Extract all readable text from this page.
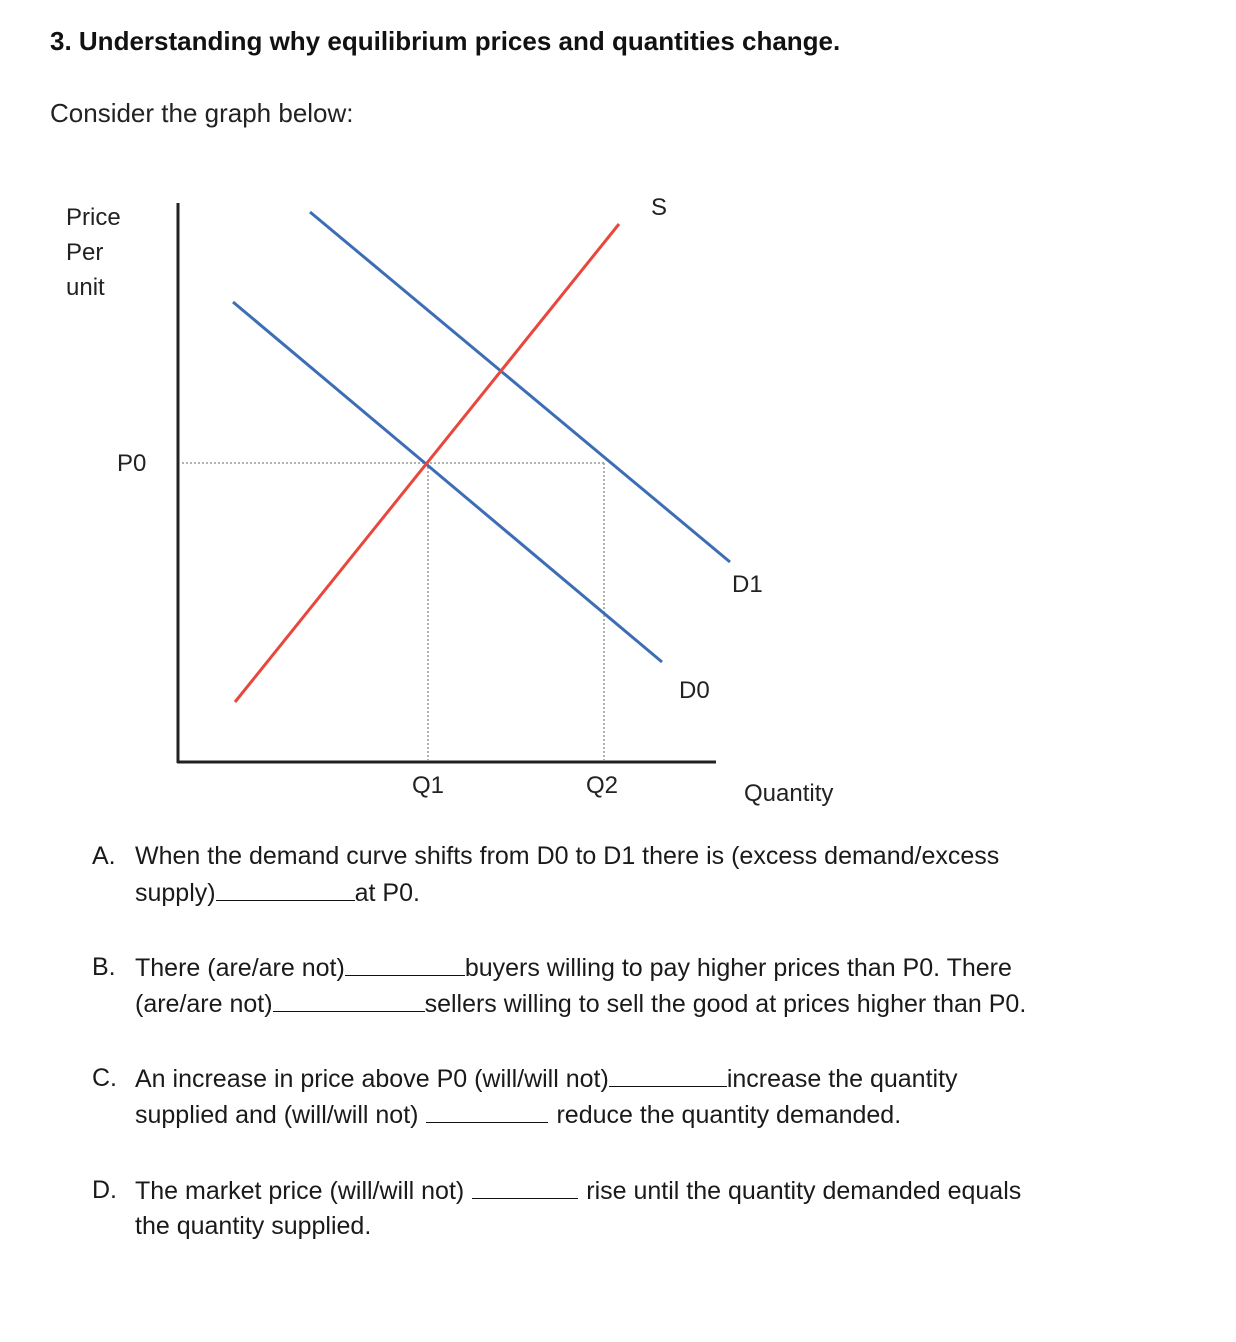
3. Understanding why equilibrium prices and quantities change.
Consider the graph below:
Price
Per
unit
P0
Q1	Q2	Quantity
S
D1
D0
A. When the demand curve shifts from D0 to D1 there is (excess demand/excess
supply)	at P0.
B. There (are/are not)	buyers willing to pay higher prices than P0. There
(are/are not)	sellers willing to sell the good at prices higher than P0.
C. An increase in price above P0 (will/will not)	increase the quantity
supplied and (will/will not)	reduce the quantity demanded.
D. The market price (will/will not)	rise until the quantity demanded equals
the quantity supplied.
